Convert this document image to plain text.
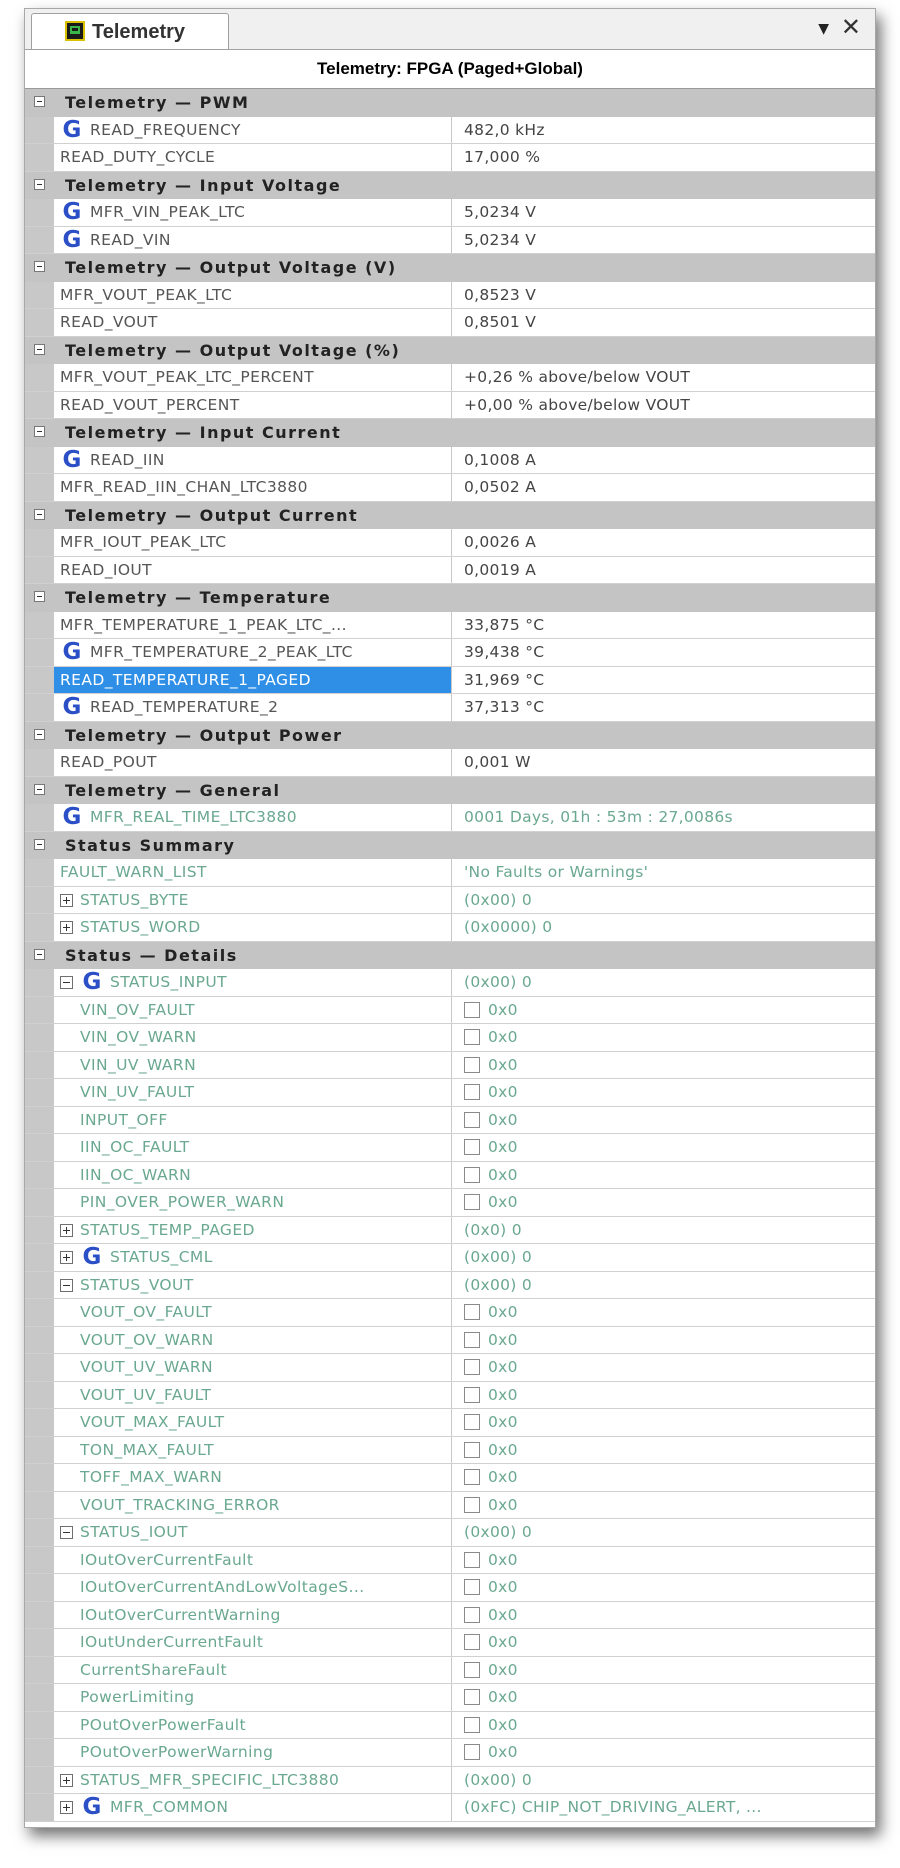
Telemetry	▼ ✕
Telemetry: FPGA (Paged+Global)
Telemetry — PWM
G READ_FREQUENCY	482,0 kHz
READ_DUTY_CYCLE	17,000 %
Telemetry — Input Voltage
G MFR_VIN_PEAK_LTC	5,0234 V
G READ_VIN	5,0234 V
Telemetry — Output Voltage (V)
MFR_VOUT_PEAK_LTC	0,8523 V
READ_VOUT	0,8501 V
Telemetry — Output Voltage (%)
MFR_VOUT_PEAK_LTC_PERCENT	+0,26 % above/below VOUT
READ_VOUT_PERCENT	+0,00 % above/below VOUT
Telemetry — Input Current
G READ_IIN	0,1008 A
MFR_READ_IIN_CHAN_LTC3880	0,0502 A
Telemetry — Output Current
MFR_IOUT_PEAK_LTC	0,0026 A
READ_IOUT	0,0019 A
Telemetry — Temperature
MFR_TEMPERATURE_1_PEAK_LTC_...	33,875 °C
G MFR_TEMPERATURE_2_PEAK_LTC	39,438 °C
READ_TEMPERATURE_1_PAGED	31,969 °C
G READ_TEMPERATURE_2	37,313 °C
Telemetry — Output Power
READ_POUT	0,001 W
Telemetry — General
G MFR_REAL_TIME_LTC3880	0001 Days, 01h : 53m : 27,0086s
Status Summary
FAULT_WARN_LIST	'No Faults or Warnings'
STATUS_BYTE	(0x00) 0
STATUS_WORD	(0x0000) 0
Status — Details
G STATUS_INPUT	(0x00) 0
VIN_OV_FAULT	0x0
VIN_OV_WARN	0x0
VIN_UV_WARN	0x0
VIN_UV_FAULT	0x0
INPUT_OFF	0x0
IIN_OC_FAULT	0x0
IIN_OC_WARN	0x0
PIN_OVER_POWER_WARN	0x0
STATUS_TEMP_PAGED	(0x0) 0
G STATUS_CML	(0x00) 0
STATUS_VOUT	(0x00) 0
VOUT_OV_FAULT	0x0
VOUT_OV_WARN	0x0
VOUT_UV_WARN	0x0
VOUT_UV_FAULT	0x0
VOUT_MAX_FAULT	0x0
TON_MAX_FAULT	0x0
TOFF_MAX_WARN	0x0
VOUT_TRACKING_ERROR	0x0
STATUS_IOUT	(0x00) 0
IOutOverCurrentFault	0x0
IOutOverCurrentAndLowVoltageS...	0x0
IOutOverCurrentWarning	0x0
IOutUnderCurrentFault	0x0
CurrentShareFault	0x0
PowerLimiting	0x0
POutOverPowerFault	0x0
POutOverPowerWarning	0x0
STATUS_MFR_SPECIFIC_LTC3880	(0x00) 0
G MFR_COMMON	(0xFC) CHIP_NOT_DRIVING_ALERT, ...
